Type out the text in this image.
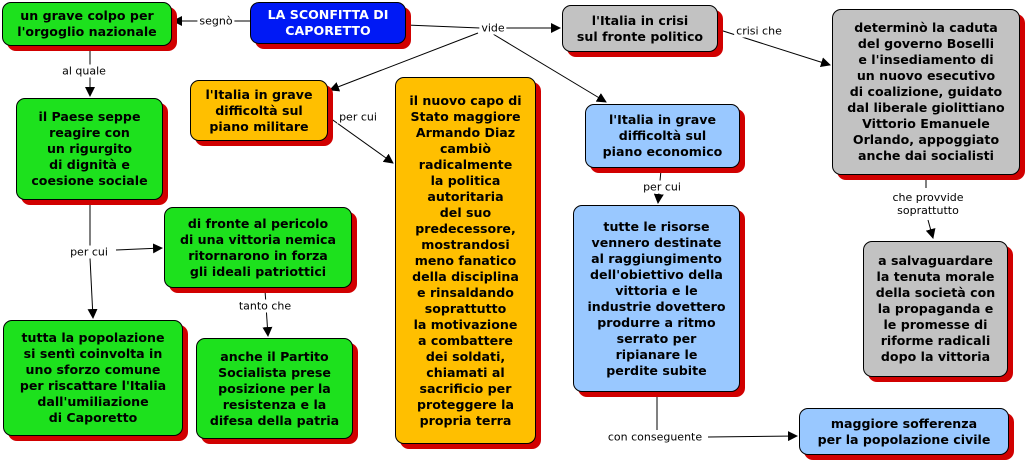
LA SCONFITTA DI
CAPORETTO
un grave colpo per
l'orgoglio nazionale
il Paese seppe
reagire con
un rigurgito
di dignità e
coesione sociale
di fronte al pericolo
di una vittoria nemica
ritornarono in forza
gli ideali patriottici
tutta la popolazione
si sentì coinvolta in
uno sforzo comune
per riscattare l'Italia
dall'umiliazione
di Caporetto
anche il Partito
Socialista prese
posizione per la
resistenza e la
difesa della patria
l'Italia in grave
difficoltà sul
piano militare
il nuovo capo di
Stato maggiore
Armando Diaz
cambiò
radicalmente
la politica
autoritaria
del suo
predecessore,
mostrandosi
meno fanatico
della disciplina
e rinsaldando
soprattutto
la motivazione
a combattere
dei soldati,
chiamati al
sacrificio per
proteggere la
propria terra
l'Italia in crisi
sul fronte politico
l'Italia in grave
difficoltà sul
piano economico
tutte le risorse
vennero destinate
al raggiungimento
dell'obiettivo della
vittoria e le
industrie dovettero
produrre a ritmo
serrato per
ripianare le
perdite subite
maggiore sofferenza
per la popolazione civile
determinò la caduta
del governo Boselli
e l'insediamento di
un nuovo esecutivo
di coalizione, guidato
dal liberale giolittiano
Vittorio Emanuele
Orlando, appoggiato
anche dai socialisti
a salvaguardare
la tenuta morale
della società con
la propaganda e
le promesse di
riforme radicali
dopo la vittoria
segnò
vide
al quale
per cui
tanto che
per cui
per cui
con conseguente
crisi che
che provvide
soprattutto
